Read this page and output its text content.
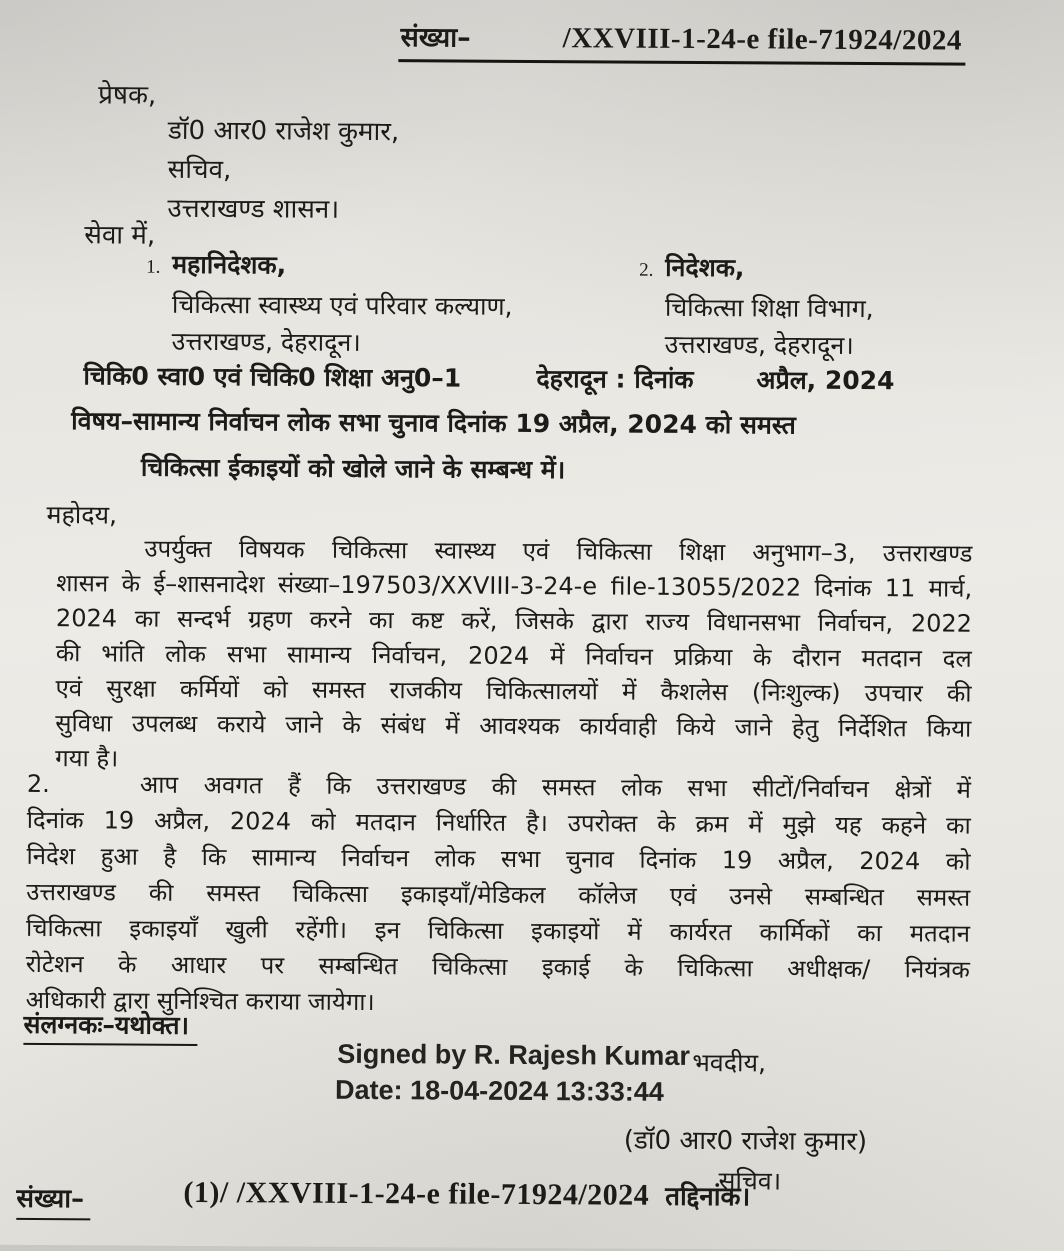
संख्या–	/XXVIII-1-24-e file-71924/2024
प्रेषक,
डॉ0 आर0 राजेश कुमार,
सचिव,
उत्तराखण्ड शासन।
सेवा में,
1. महानिदेशक,
चिकित्सा स्वास्थ्य एवं परिवार कल्याण,
उत्तराखण्ड, देहरादून।
2. निदेशक,
चिकित्सा शिक्षा विभाग,
उत्तराखण्ड, देहरादून।
चिकि0 स्वा0 एवं चिकि0 शिक्षा अनु0–1	देहरादून : दिनांक	अप्रैल, 2024
विषय–सामान्य निर्वाचन लोक सभा चुनाव दिनांक 19 अप्रैल, 2024 को समस्त
चिकित्सा ईकाइयों को खोले जाने के सम्बन्ध में।
महोदय,
उपर्युक्त विषयक चिकित्सा स्वास्थ्य एवं चिकित्सा शिक्षा अनुभाग–3, उत्तराखण्ड
शासन के ई–शासनादेश संख्या–197503/XXVIII-3-24-e file-13055/2022 दिनांक 11 मार्च,
2024 का सन्दर्भ ग्रहण करने का कष्ट करें, जिसके द्वारा राज्य विधानसभा निर्वाचन, 2022
की भांति लोक सभा सामान्य निर्वाचन, 2024 में निर्वाचन प्रक्रिया के दौरान मतदान दल
एवं सुरक्षा कर्मियों को समस्त राजकीय चिकित्सालयों में कैशलेस (निःशुल्क) उपचार की
सुविधा उपलब्ध कराये जाने के संबंध में आवश्यक कार्यवाही किये जाने हेतु निर्देशित किया
गया है।
2.	आप अवगत हैं कि उत्तराखण्ड की समस्त लोक सभा सीटों/निर्वाचन क्षेत्रों में
दिनांक 19 अप्रैल, 2024 को मतदान निर्धारित है। उपरोक्त के क्रम में मुझे यह कहने का
निदेश हुआ है कि सामान्य निर्वाचन लोक सभा चुनाव दिनांक 19 अप्रैल, 2024 को
उत्तराखण्ड की समस्त चिकित्सा इकाइयाँ/मेडिकल कॉलेज एवं उनसे सम्बन्धित समस्त
चिकित्सा इकाइयाँ खुली रहेंगी। इन चिकित्सा इकाइयों में कार्यरत कार्मिकों का मतदान
रोटेशन के आधार पर सम्बन्धित चिकित्सा इकाई के चिकित्सा अधीक्षक/ नियंत्रक
अधिकारी द्वारा सुनिश्चित कराया जायेगा।
संलग्नकः–यथोक्त।
Signed by R. Rajesh Kumar भवदीय,
Date: 18-04-2024 13:33:44
(डॉ0 आर0 राजेश कुमार)
सचिव।
संख्या–	(1)/ /XXVIII-1-24-e file-71924/2024 तद्दिनांक।
